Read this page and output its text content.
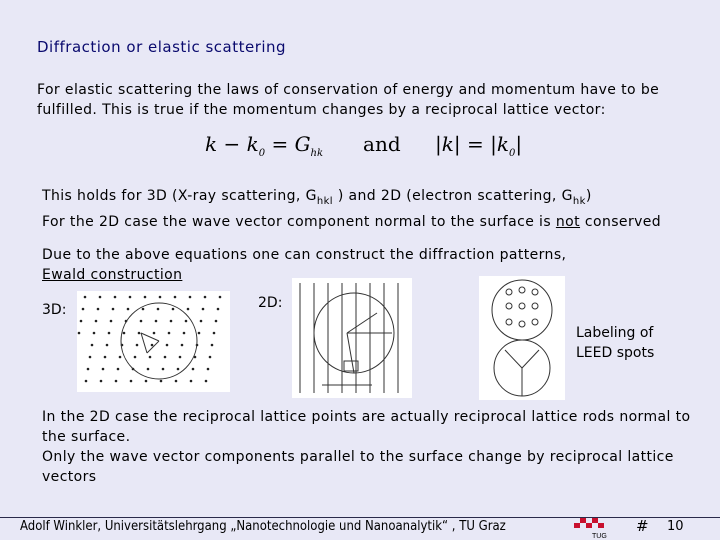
Diffraction or elastic scattering
For elastic scattering the laws of conservation of energy and momentum have to be fulfilled. This is true if the momentum changes by a reciprocal lattice vector:
$k - k_0 = G_{hk}$ and $|k| = |k_0|$
This holds for 3D (X-ray scattering, $G_{hkl}$ ) and 2D (electron scattering, $G_{hk}$)
For the 2D case the wave vector component normal to the surface is not conserved
Due to the above equations one can construct the diffraction patterns,
Ewald construction
3D:	2D:
Labeling of LEED spots
In the 2D case the reciprocal lattice points are actually reciprocal lattice rods normal to the surface.
Only the wave vector components parallel to the surface change by reciprocal lattice vectors
Adolf Winkler, Universitätslehrgang „Nanotechnologie und Nanoanalytik“ , TU Graz
TUG
# 10
